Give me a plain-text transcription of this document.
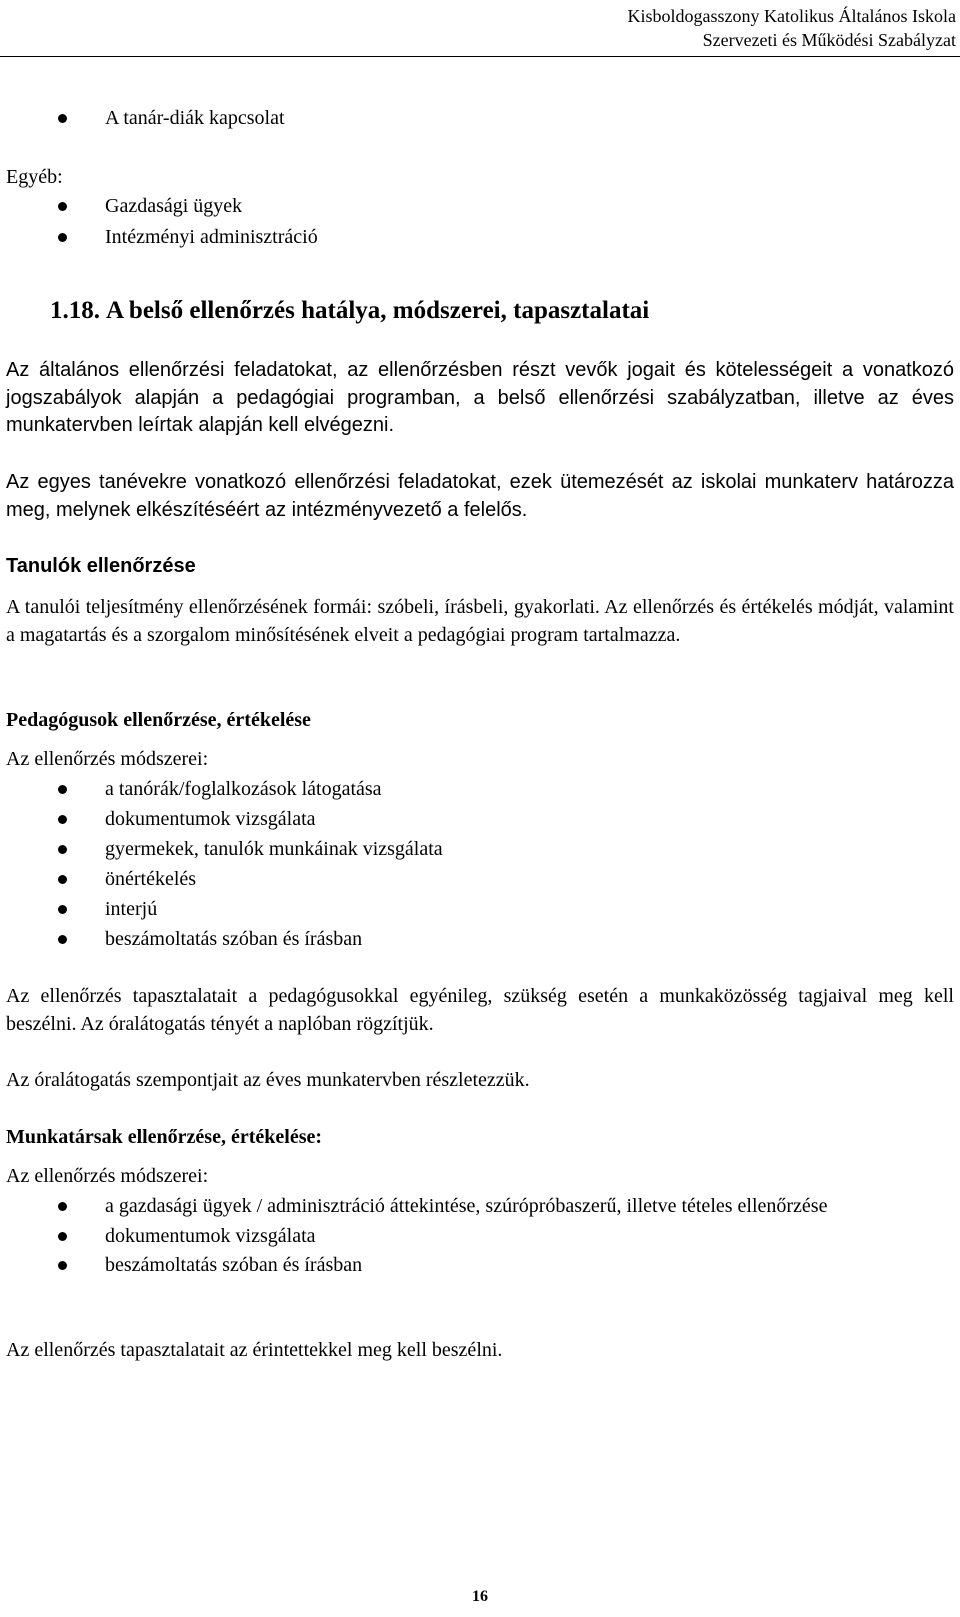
Kisboldogasszony Katolikus Általános Iskola
Szervezeti és Működési Szabályzat
A tanár-diák kapcsolat
Egyéb:
Gazdasági ügyek
Intézményi adminisztráció
1.18. A belső ellenőrzés hatálya, módszerei, tapasztalatai
Az általános ellenőrzési feladatokat, az ellenőrzésben részt vevők jogait és kötelességeit a vonatkozó jogszabályok alapján a pedagógiai programban, a belső ellenőrzési szabályzatban, illetve az éves munkatervben leírtak alapján kell elvégezni.
Az egyes tanévekre vonatkozó ellenőrzési feladatokat, ezek ütemezését az iskolai munkaterv határozza meg, melynek elkészítéséért az intézményvezető a felelős.
Tanulók ellenőrzése
A tanulói teljesítmény ellenőrzésének formái: szóbeli, írásbeli, gyakorlati. Az ellenőrzés és értékelés módját, valamint a magatartás és a szorgalom minősítésének elveit a pedagógiai program tartalmazza.
Pedagógusok ellenőrzése, értékelése
Az ellenőrzés módszerei:
a tanórák/foglalkozások látogatása
dokumentumok vizsgálata
gyermekek, tanulók munkáinak vizsgálata
önértékelés
interjú
beszámoltatás szóban és írásban
Az ellenőrzés tapasztalatait a pedagógusokkal egyénileg, szükség esetén a munkaközösség tagjaival meg kell beszélni. Az óralátogatás tényét a naplóban rögzítjük.
Az óralátogatás szempontjait az éves munkatervben részletezzük.
Munkatársak ellenőrzése, értékelése:
Az ellenőrzés módszerei:
a gazdasági ügyek / adminisztráció áttekintése, szúrópróbaszerű, illetve tételes ellenőrzése
dokumentumok vizsgálata
beszámoltatás szóban és írásban
Az ellenőrzés tapasztalatait az érintettekkel meg kell beszélni.
16
